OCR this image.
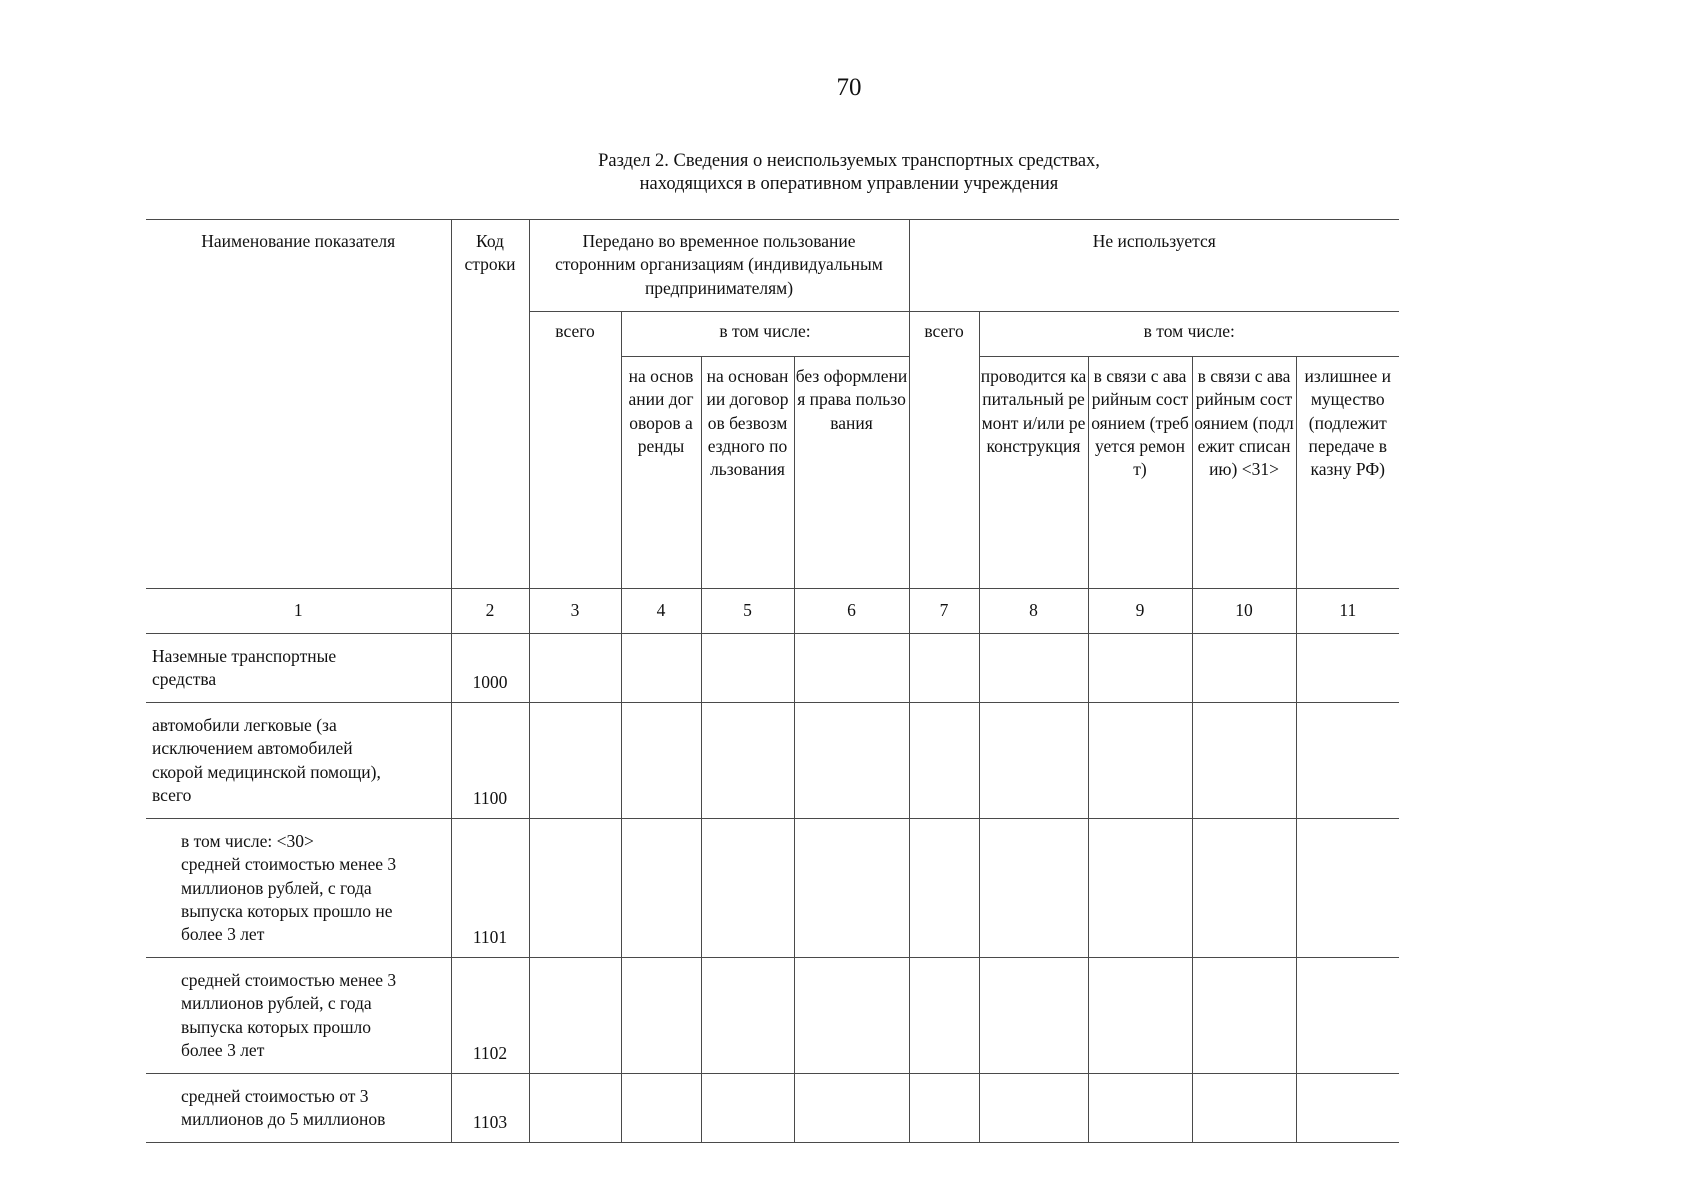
70
Раздел 2. Сведения о неиспользуемых транспортных средствах,
находящихся в оперативном управлении учреждения
Наименование показателя	Код строки	Передано во временное пользование сторонним организациям (индивидуальным предпринимателям)				Не используется				
		всего	в том числе:			всего	в том числе:			
			на основании договоров аренды	на основании договоров безвозмездного пользования	без оформления права пользования		проводится капитальный ремонт и/или реконструкция	в связи с аварийным состоянием (требуется ремонт)	в связи с аварийным состоянием (подлежит списанию) <31>	излишнее имущество (подлежит передаче в казну РФ)
1	2	3	4	5	6	7	8	9	10	11

Наземные транспортные
средства	1000									

автомобили легковые (за
исключением автомобилей
скорой медицинской помощи),
всего	1100									

в том числе: <30>
средней стоимостью менее 3
миллионов рублей, с года
выпуска которых прошло не
более 3 лет	1101									

средней стоимостью менее 3
миллионов рублей, с года
выпуска которых прошло
более 3 лет	1102									

средней стоимостью от 3
миллионов до 5 миллионов	1103									
